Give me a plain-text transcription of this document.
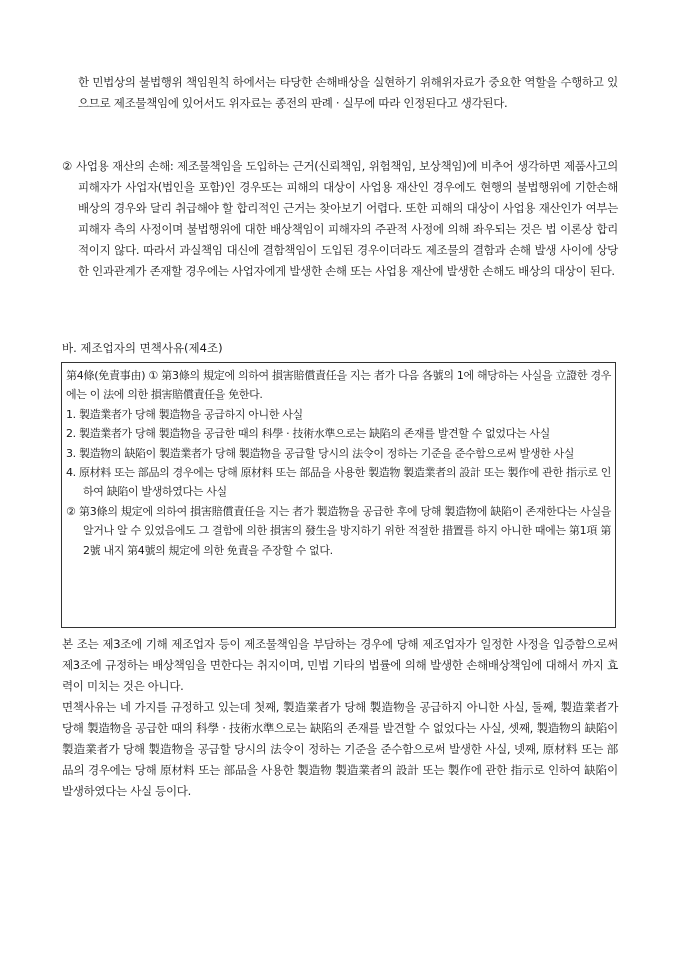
한 민법상의 불법행위 책임원칙 하에서는 타당한 손해배상을 실현하기 위해위자료가 중요한 역할을 수행하고 있으므로 제조물책임에 있어서도 위자료는 종전의 판례 · 실무에 따라 인정된다고 생각된다.

② 사업용 재산의 손해: 제조물책임을 도입하는 근거(신뢰책임, 위험책임, 보상책임)에 비추어 생각하면 제품사고의 피해자가 사업자(법인을 포함)인 경우또는 피해의 대상이 사업용 재산인 경우에도 현행의 불법행위에 기한손해배상의 경우와 달리 취급해야 할 합리적인 근거는 찾아보기 어렵다. 또한 피해의 대상이 사업용 재산인가 여부는 피해자 측의 사정이며 불법행위에 대한 배상책임이 피해자의 주관적 사정에 의해 좌우되는 것은 법 이론상 합리적이지 않다. 따라서 과실책임 대신에 결함책임이 도입된 경우이더라도 제조물의 결함과 손해 발생 사이에 상당한 인과관계가 존재할 경우에는 사업자에게 발생한 손해 또는 사업용 재산에 발생한 손해도 배상의 대상이 된다.

바. 제조업자의 면책사유(제4조)

第4條(免責事由) ① 第3條의 規定에 의하여 損害賠償責任을 지는 者가 다음 各號의 1에 해당하는 사실을 立證한 경우에는 이 法에 의한 損害賠償責任을 免한다.

1. 製造業者가 당해 製造物을 공급하지 아니한 사실

2. 製造業者가 당해 製造物을 공급한 때의 科學 · 技術水準으로는 缺陷의 존재를 발견할 수 없었다는 사실

3. 製造物의 缺陷이 製造業者가 당해 製造物을 공급할 당시의 法令이 정하는 기준을 준수함으로써 발생한 사실

4. 原材料 또는 部品의 경우에는 당해 原材料 또는 部品을 사용한 製造物 製造業者의 設計 또는 製作에 관한 指示로 인하여 缺陷이 발생하였다는 사실

② 第3條의 規定에 의하여 損害賠償責任을 지는 者가 製造物을 공급한 후에 당해 製造物에 缺陷이 존재한다는 사실을 알거나 알 수 있었음에도 그 결함에 의한 損害의 發生을 방지하기 위한 적절한 措置를 하지 아니한 때에는 第1項 第2號 내지 第4號의 規定에 의한 免責을 주장할 수 없다.

본 조는 제3조에 기해 제조업자 등이 제조물책임을 부담하는 경우에 당해 제조업자가 일정한 사정을 입증함으로써 제3조에 규정하는 배상책임을 면한다는 취지이며, 민법 기타의 법률에 의해 발생한 손해배상책임에 대해서 까지 효력이 미치는 것은 아니다.

면책사유는 네 가지를 규정하고 있는데 첫째, 製造業者가 당해 製造物을 공급하지 아니한 사실, 둘째, 製造業者가 당해 製造物을 공급한 때의 科學 · 技術水準으로는 缺陷의 존재를 발견할 수 없었다는 사실, 셋째, 製造物의 缺陷이 製造業者가 당해 製造物을 공급할 당시의 法令이 정하는 기준을 준수함으로써 발생한 사실, 넷째, 原材料 또는 部品의 경우에는 당해 原材料 또는 部品을 사용한 製造物 製造業者의 設計 또는 製作에 관한 指示로 인하여 缺陷이 발생하였다는 사실 등이다.
